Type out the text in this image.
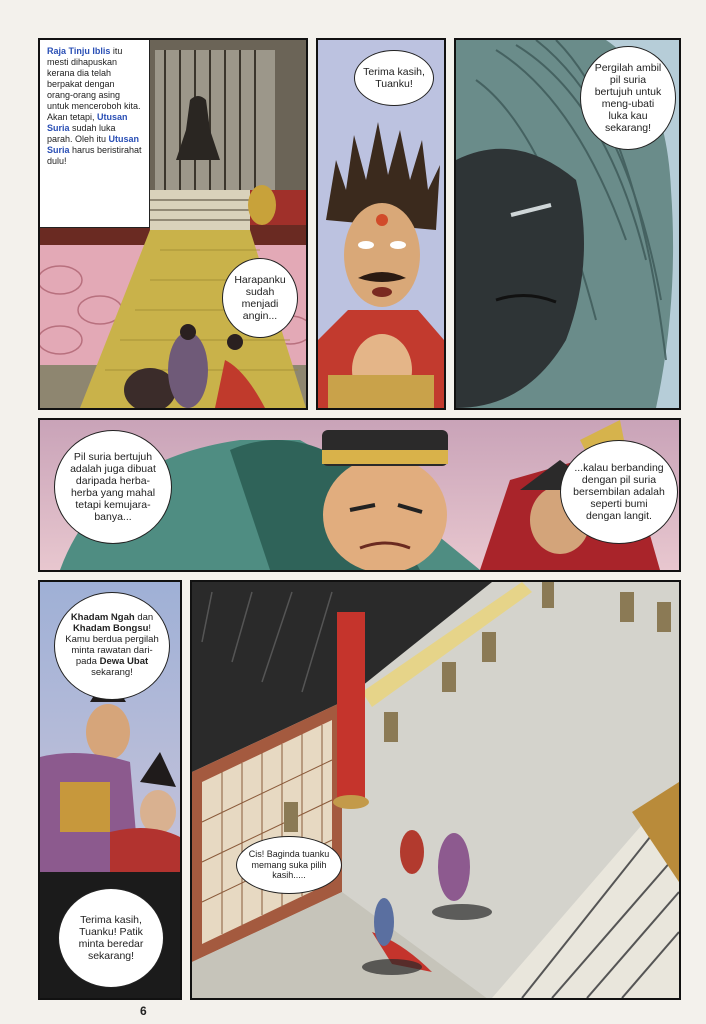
Raja Tinju Iblis itu mesti dihapuskan kerana dia telah berpakat dengan orang-orang asing untuk menceroboh kita. Akan tetapi, Utusan Suria sudah luka parah. Oleh itu Utusan Suria harus beristirahat dulu!
Harapanku sudah menjadi angin...
Terima kasih, Tuanku!
Pergilah ambil pil suria bertujuh untuk meng-ubati luka kau sekarang!
Pil suria bertujuh adalah juga dibuat daripada herba-herba yang mahal tetapi kemujara-banya...
...kalau berbanding dengan pil suria bersembilan adalah seperti bumi dengan langit.
Khadam Ngah dan Khadam Bongsu! Kamu berdua pergilah minta rawatan dari-pada Dewa Ubat sekarang!
Terima kasih, Tuanku! Patik minta beredar sekarang!
Cis! Baginda tuanku memang suka pilih kasih.....
6
